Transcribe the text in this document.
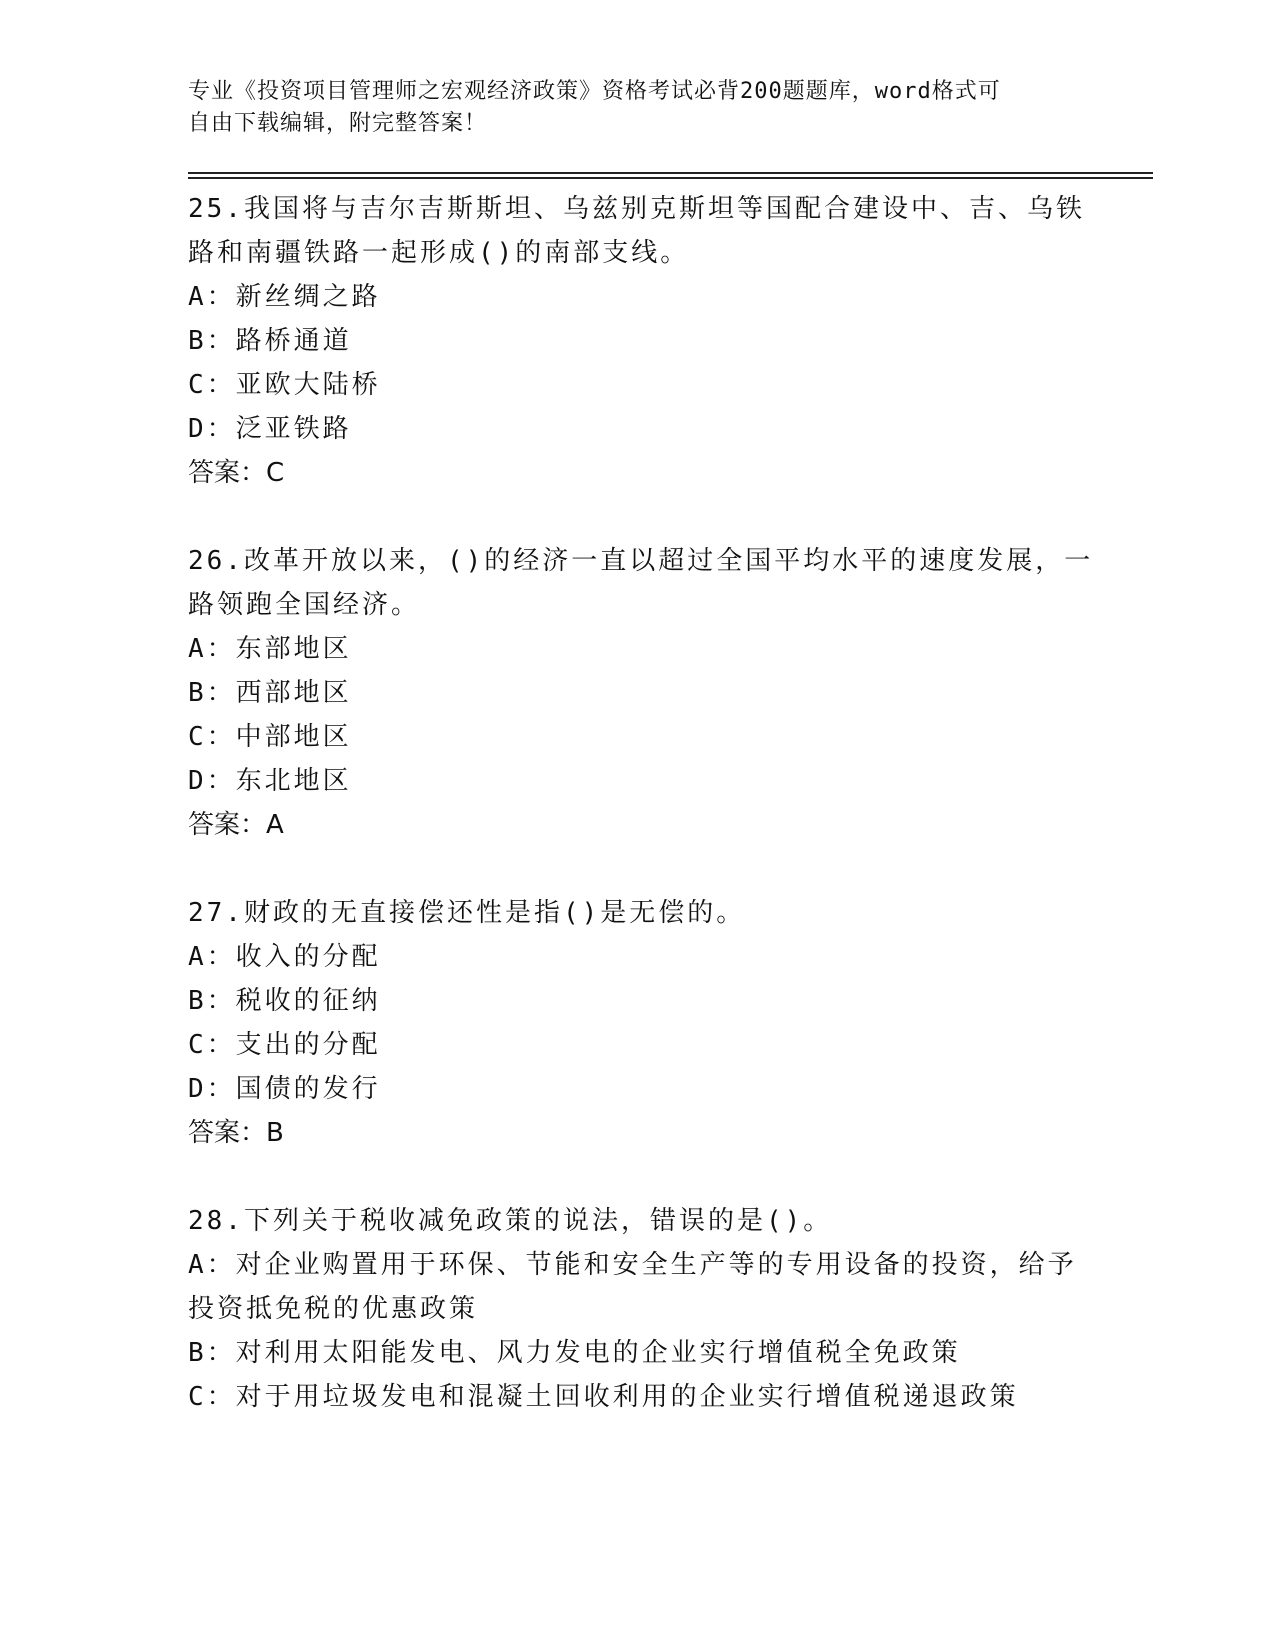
专业《投资项目管理师之宏观经济政策》资格考试必背200题题库，word格式可
自由下载编辑，附完整答案！
25.我国将与吉尔吉斯斯坦、乌兹别克斯坦等国配合建设中、吉、乌铁
路和南疆铁路一起形成()的南部支线。
A：新丝绸之路
B：路桥通道
C：亚欧大陆桥
D：泛亚铁路
答案：C
26.改革开放以来，()的经济一直以超过全国平均水平的速度发展，一
路领跑全国经济。
A：东部地区
B：西部地区
C：中部地区
D：东北地区
答案：A
27.财政的无直接偿还性是指()是无偿的。
A：收入的分配
B：税收的征纳
C：支出的分配
D：国债的发行
答案：B
28.下列关于税收减免政策的说法，错误的是()。
A：对企业购置用于环保、节能和安全生产等的专用设备的投资，给予
投资抵免税的优惠政策
B：对利用太阳能发电、风力发电的企业实行增值税全免政策
C：对于用垃圾发电和混凝土回收利用的企业实行增值税递退政策
